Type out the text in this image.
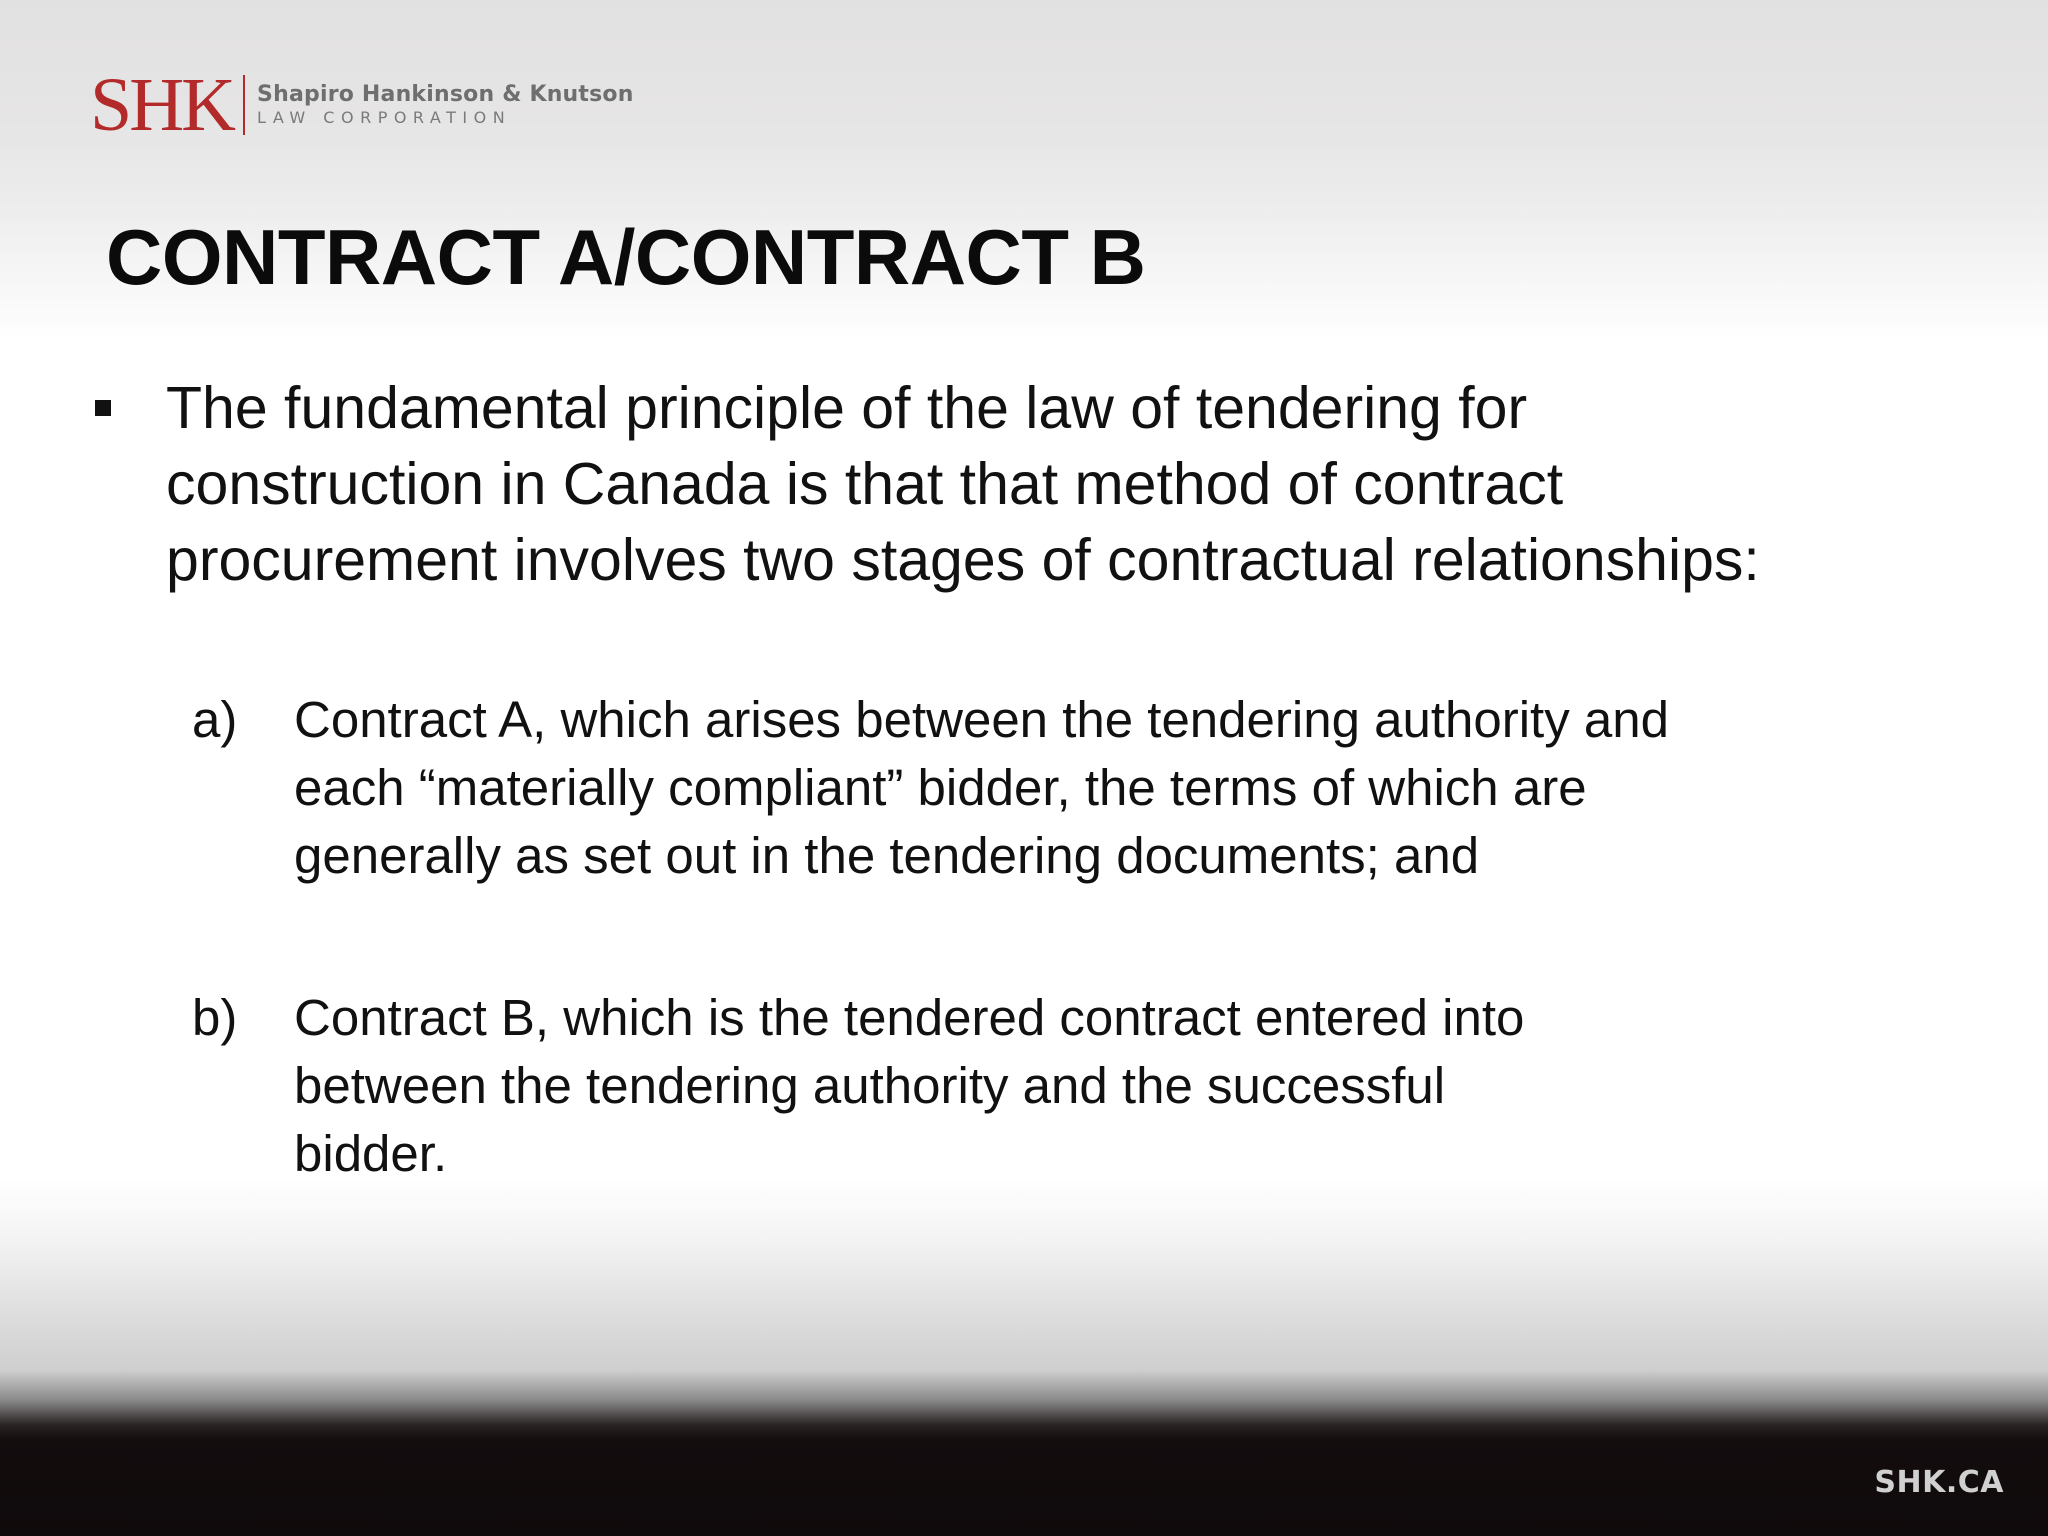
SHK Shapiro Hankinson & Knutson
LAW CORPORATION
CONTRACT A/CONTRACT B
The fundamental principle of the law of tendering for
construction in Canada is that that method of contract
procurement involves two stages of contractual relationships:
a) Contract A, which arises between the tendering authority and
each “materially compliant” bidder, the terms of which are
generally as set out in the tendering documents; and
b) Contract B, which is the tendered contract entered into
between the tendering authority and the successful
bidder.
SHK.CA
